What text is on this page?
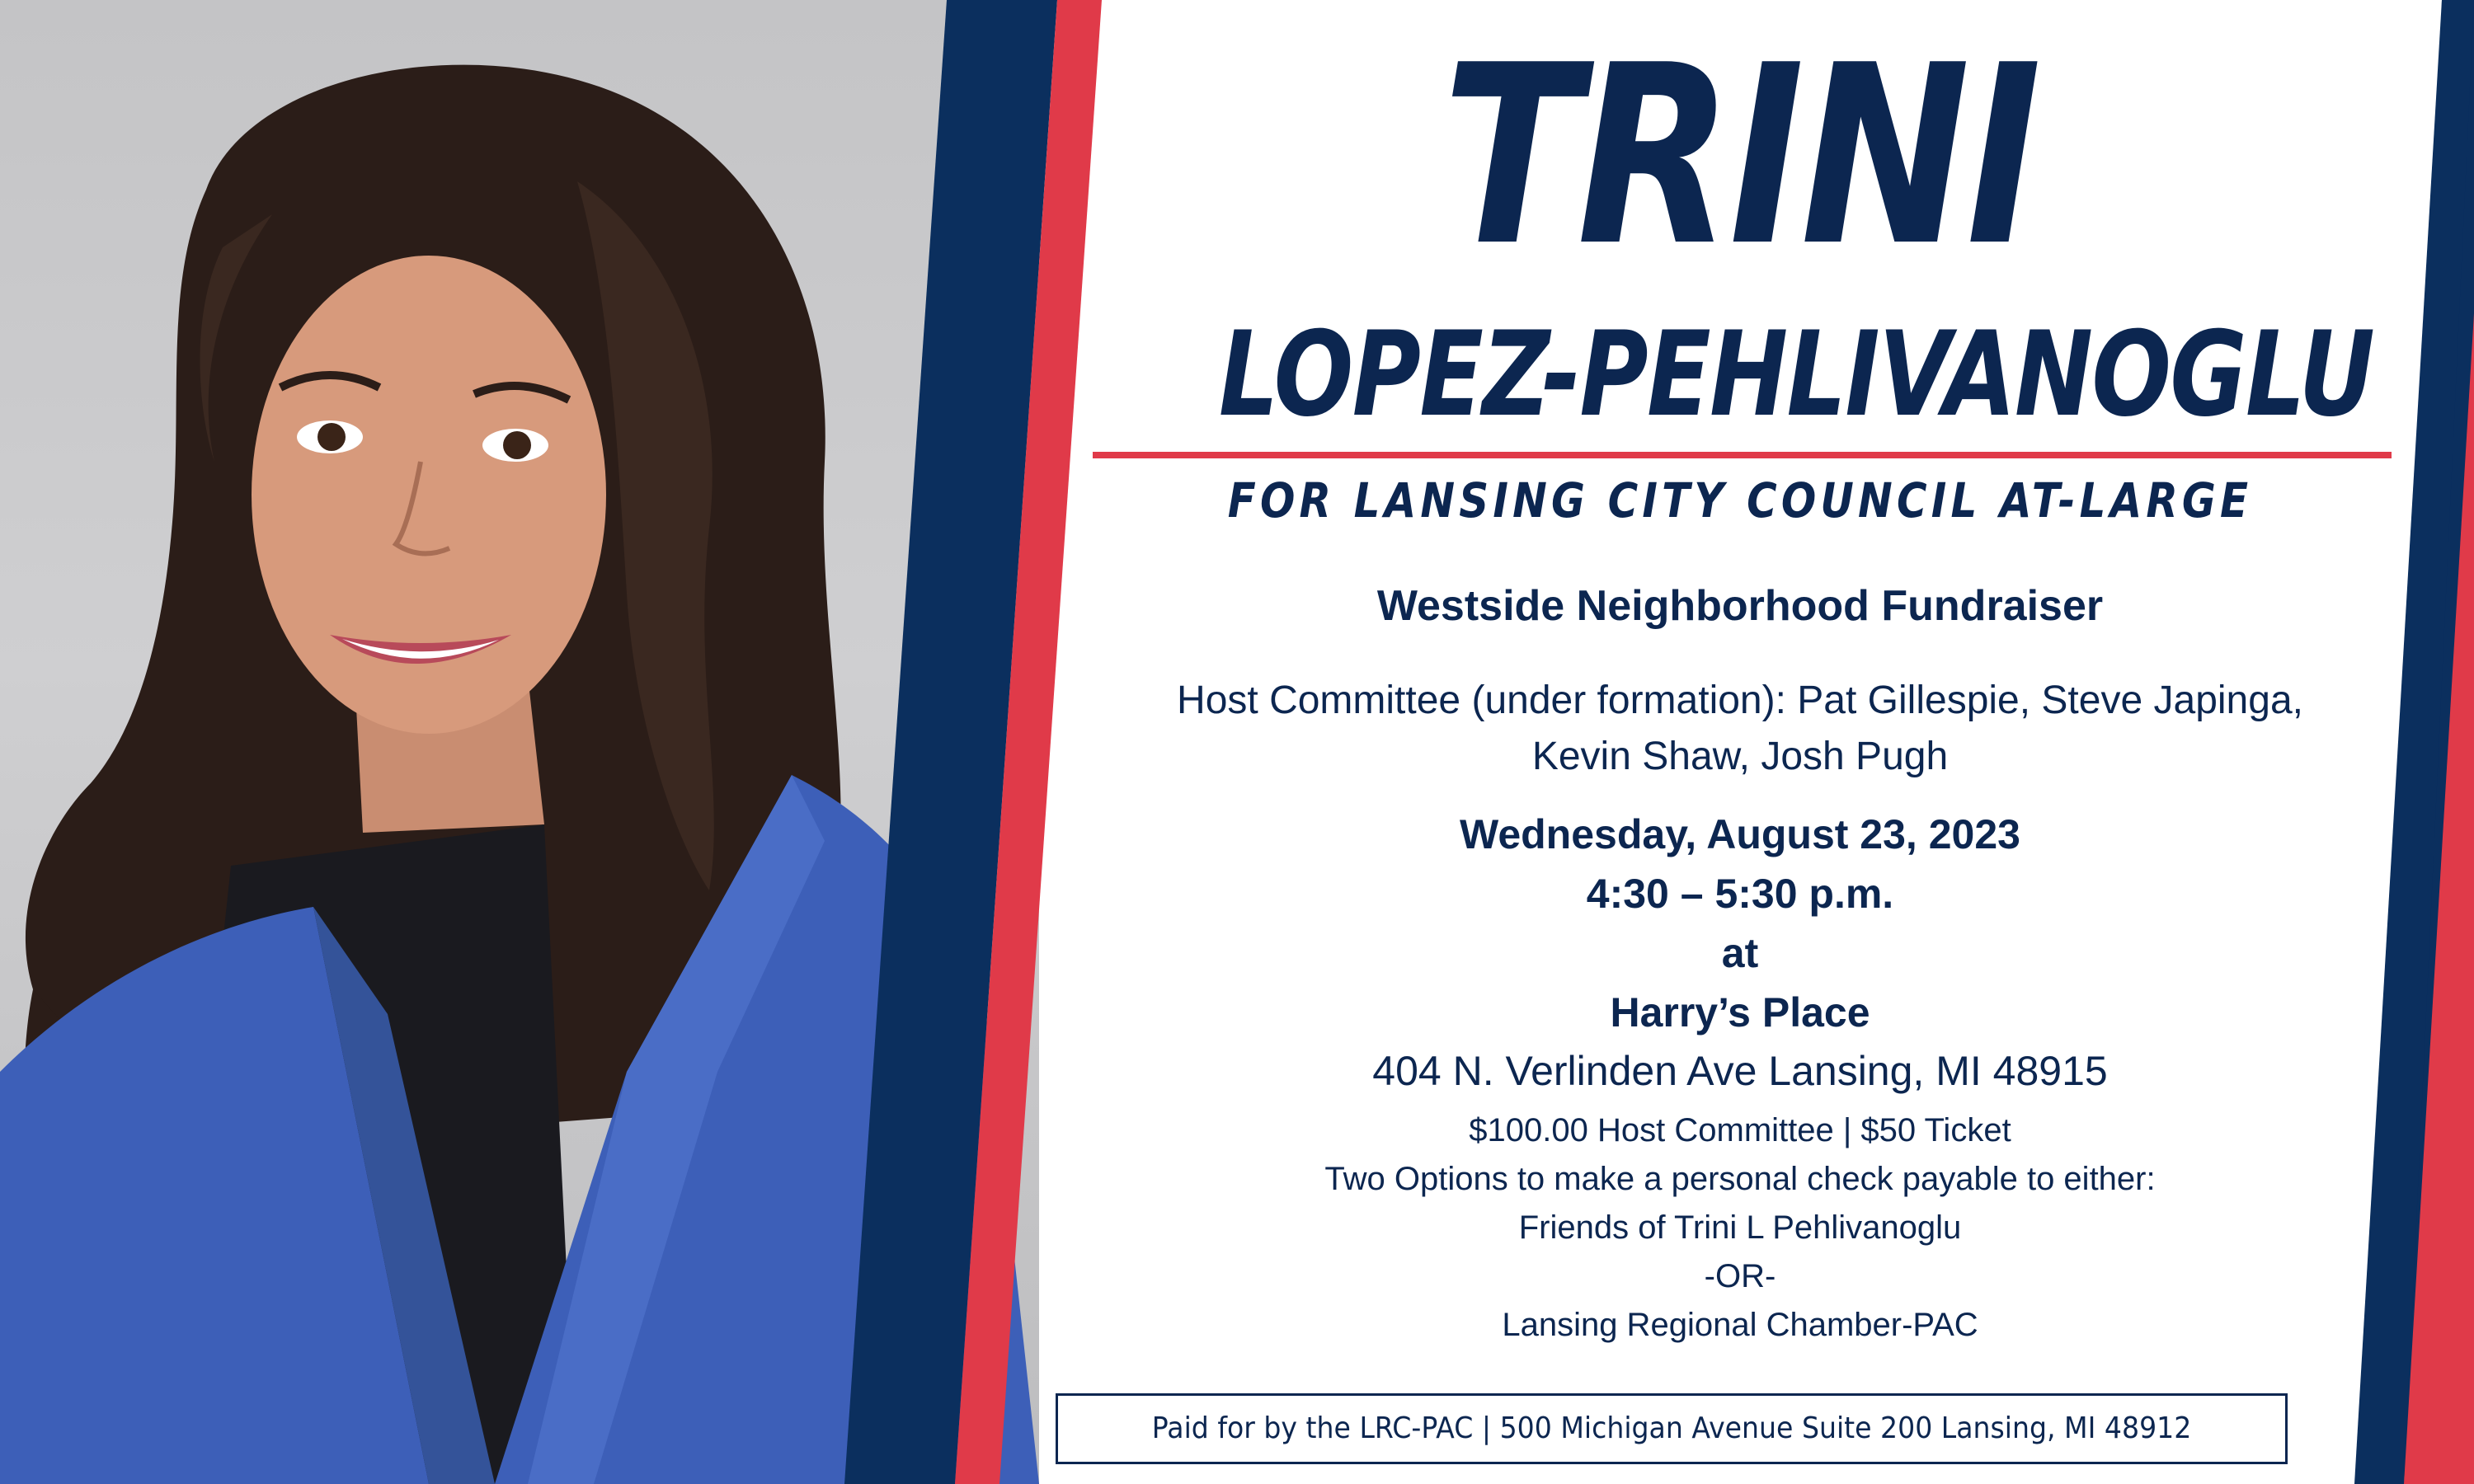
TRINI
LOPEZ-PEHLIVANOGLU
FOR LANSING CITY COUNCIL AT-LARGE
Westside Neighborhood Fundraiser
Host Committee (under formation): Pat Gillespie, Steve Japinga,
Kevin Shaw, Josh Pugh
Wednesday, August 23, 2023
4:30 – 5:30 p.m.
at
Harry’s Place
404 N. Verlinden Ave Lansing, MI 48915
$100.00 Host Committee | $50 Ticket
Two Options to make a personal check payable to either:
Friends of Trini L Pehlivanoglu
-OR-
Lansing Regional Chamber-PAC
Paid for by the LRC-PAC | 500 Michigan Avenue Suite 200 Lansing, MI 48912
